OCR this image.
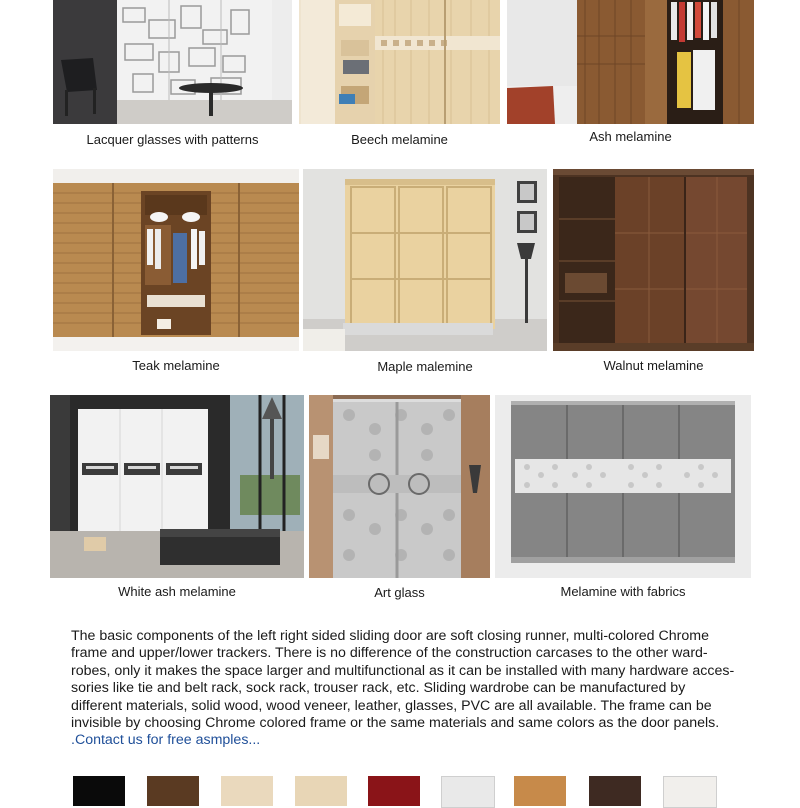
Lacquer glasses with patterns	Beech melamine	Ash melamine
Teak melamine	Maple malemine	Walnut melamine
White ash melamine	Art glass	Melamine with fabrics
The basic components of the left right sided sliding door are soft closing runner, multi-colored Chrome
frame and upper/lower trackers. There is no difference of the construction carcases to the other ward-
robes, only it makes the space larger and multifunctional as it can be installed with many hardware acces-
sories like tie and belt rack, sock rack, trouser rack, etc. Sliding wardrobe can be manufactured by
different materials, solid wood, wood veneer, leather, glasses, PVC are all available. The frame can be
invisible by choosing Chrome colored frame or the same materials and same colors as the door panels.
.Contact us for free asmples...
